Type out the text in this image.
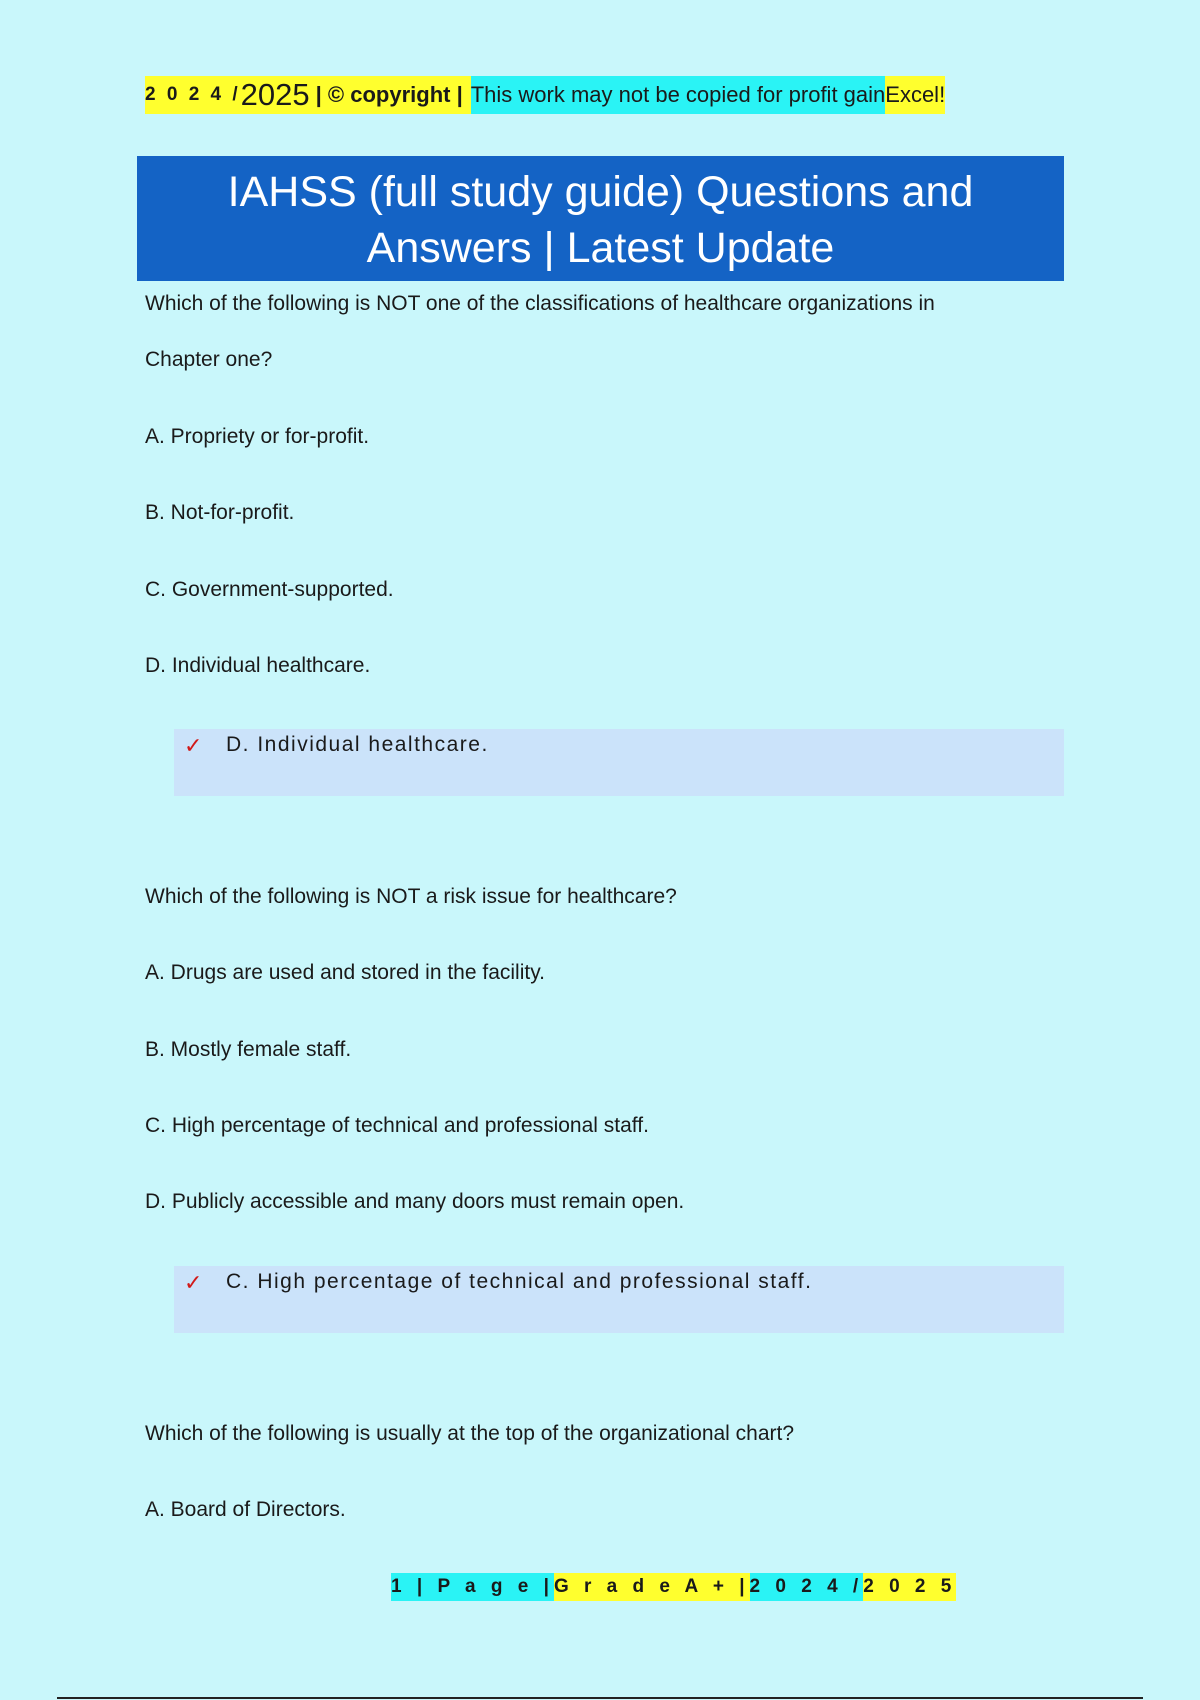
2 0 2 4 / 2025 | © copyright | This work may not be copied for profit gain Excel!
IAHSS (full study guide) Questions and
Answers | Latest Update
Which of the following is NOT one of the classifications of healthcare organizations in
Chapter one?
A. Propriety or for-profit.
B. Not-for-profit.
C. Government-supported.
D. Individual healthcare.
✓ D. Individual healthcare.
Which of the following is NOT a risk issue for healthcare?
A. Drugs are used and stored in the facility.
B. Mostly female staff.
C. High percentage of technical and professional staff.
D. Publicly accessible and many doors must remain open.
✓ C. High percentage of technical and professional staff.
Which of the following is usually at the top of the organizational chart?
A. Board of Directors.
1 | P a g e | G r a d e A + | 2 0 2 4 / 2 0 2 5
